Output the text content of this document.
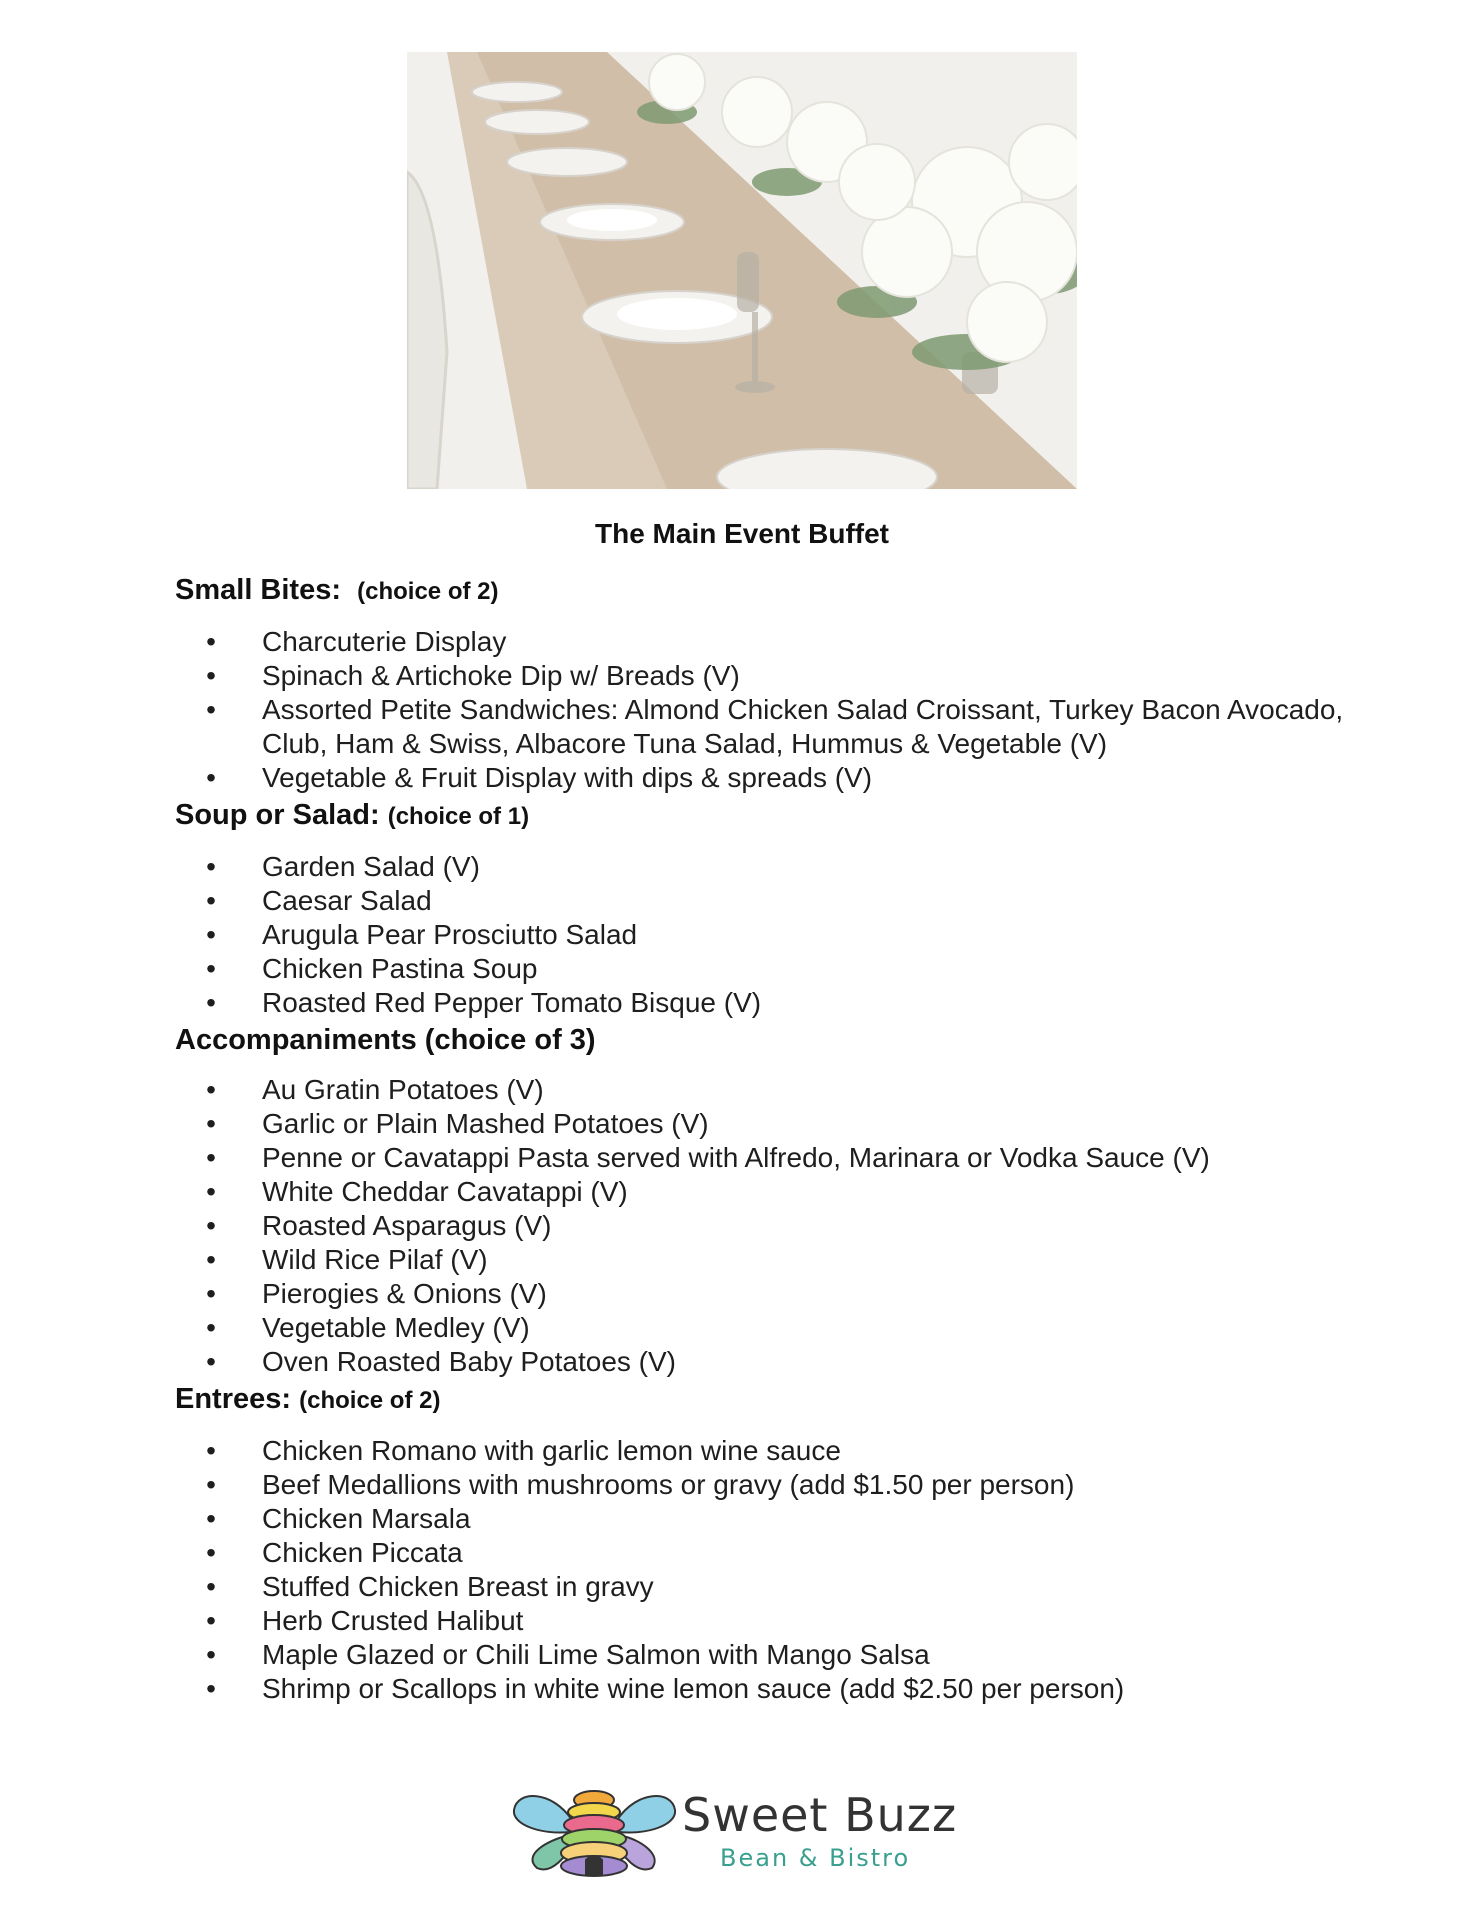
The Main Event Buffet
Small Bites: (choice of 2)
• Charcuterie Display
• Spinach & Artichoke Dip w/ Breads (V)
• Assorted Petite Sandwiches: Almond Chicken Salad Croissant, Turkey Bacon Avocado, Club, Ham & Swiss, Albacore Tuna Salad, Hummus & Vegetable (V)
• Vegetable & Fruit Display with dips & spreads (V)
Soup or Salad: (choice of 1)
• Garden Salad (V)
• Caesar Salad
• Arugula Pear Prosciutto Salad
• Chicken Pastina Soup
• Roasted Red Pepper Tomato Bisque (V)
Accompaniments (choice of 3)
• Au Gratin Potatoes (V)
• Garlic or Plain Mashed Potatoes (V)
• Penne or Cavatappi Pasta served with Alfredo, Marinara or Vodka Sauce (V)
• White Cheddar Cavatappi (V)
• Roasted Asparagus (V)
• Wild Rice Pilaf (V)
• Pierogies & Onions (V)
• Vegetable Medley (V)
• Oven Roasted Baby Potatoes (V)
Entrees: (choice of 2)
• Chicken Romano with garlic lemon wine sauce
• Beef Medallions with mushrooms or gravy (add $1.50 per person)
• Chicken Marsala
• Chicken Piccata
• Stuffed Chicken Breast in gravy
• Herb Crusted Halibut
• Maple Glazed or Chili Lime Salmon with Mango Salsa
• Shrimp or Scallops in white wine lemon sauce (add $2.50 per person)
Sweet Buzz
Bean & Bistro
